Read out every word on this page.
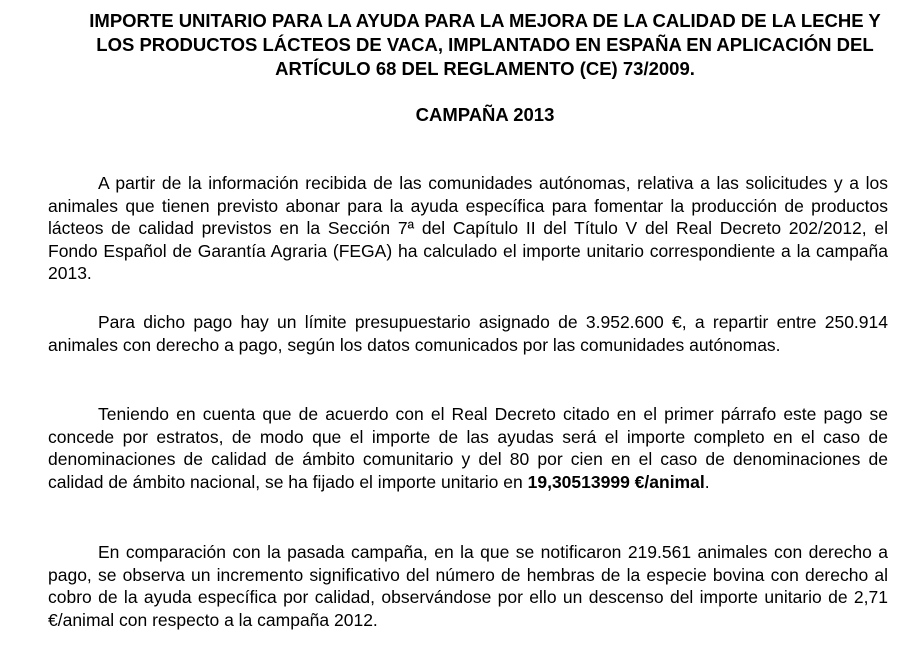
IMPORTE UNITARIO PARA LA AYUDA PARA LA MEJORA DE LA CALIDAD DE LA LECHE Y LOS PRODUCTOS LÁCTEOS DE VACA, IMPLANTADO EN ESPAÑA EN APLICACIÓN DEL ARTÍCULO 68 DEL REGLAMENTO (CE) 73/2009.
CAMPAÑA 2013

A partir de la información recibida de las comunidades autónomas, relativa a las solicitudes y a los animales que tienen previsto abonar para la ayuda específica para fomentar la producción de productos lácteos de calidad previstos en la Sección 7ª del Capítulo II del Título V del Real Decreto 202/2012, el Fondo Español de Garantía Agraria (FEGA) ha calculado el importe unitario correspondiente a la campaña 2013.

Para dicho pago hay un límite presupuestario asignado de 3.952.600 €, a repartir entre 250.914 animales con derecho a pago, según los datos comunicados por las comunidades autónomas.

Teniendo en cuenta que de acuerdo con el Real Decreto citado en el primer párrafo este pago se concede por estratos, de modo que el importe de las ayudas será el importe completo en el caso de denominaciones de calidad de ámbito comunitario y del 80 por cien en el caso de denominaciones de calidad de ámbito nacional, se ha fijado el importe unitario en 19,30513999 €/animal.

En comparación con la pasada campaña, en la que se notificaron 219.561 animales con derecho a pago, se observa un incremento significativo del número de hembras de la especie bovina con derecho al cobro de la ayuda específica por calidad, observándose por ello un descenso del importe unitario de 2,71 €/animal con respecto a la campaña 2012.
